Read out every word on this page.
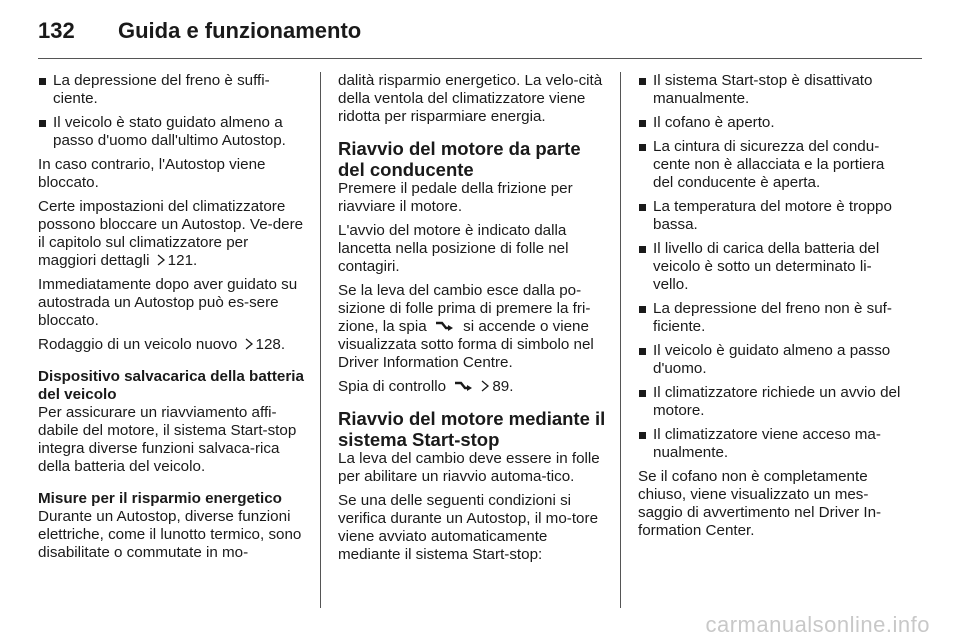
132	Guida e funzionamento
La depressione del freno è suffi-ciente.
Il veicolo è stato guidato almeno a passo d'uomo dall'ultimo Autostop.

In caso contrario, l'Autostop viene bloccato.

Certe impostazioni del climatizzatore possono bloccare un Autostop. Ve-dere il capitolo sul climatizzatore per maggiori dettagli 121.

Immediatamente dopo aver guidato su autostrada un Autostop può es-sere bloccato.

Rodaggio di un veicolo nuovo 128.

Dispositivo salvacarica della batteria del veicolo

Per assicurare un riavviamento affi-dabile del motore, il sistema Start-stop integra diverse funzioni salvaca-rica della batteria del veicolo.

Misure per il risparmio energetico

Durante un Autostop, diverse funzioni elettriche, come il lunotto termico, sono disabilitate o commutate in mo-

dalità risparmio energetico. La velo-cità della ventola del climatizzatore viene ridotta per risparmiare energia.

Riavvio del motore da parte del conducente

Premere il pedale della frizione per riavviare il motore.

L'avvio del motore è indicato dalla lancetta nella posizione di folle nel contagiri.

Se la leva del cambio esce dalla po-sizione di folle prima di premere la fri-zione, la spia si accende o viene visualizzata sotto forma di simbolo nel Driver Information Centre.

Spia di controllo	89.

Riavvio del motore mediante il sistema Start-stop

La leva del cambio deve essere in folle per abilitare un riavvio automa-tico.

Se una delle seguenti condizioni si verifica durante un Autostop, il mo-tore viene avviato automaticamente mediante il sistema Start-stop:

Il sistema Start-stop è disattivato manualmente.
Il cofano è aperto.
La cintura di sicurezza del condu-cente non è allacciata e la portiera del conducente è aperta.
La temperatura del motore è troppo bassa.
Il livello di carica della batteria del veicolo è sotto un determinato li-vello.
La depressione del freno non è suf-ficiente.
Il veicolo è guidato almeno a passo d'uomo.
Il climatizzatore richiede un avvio del motore.
Il climatizzatore viene acceso ma-nualmente.

Se il cofano non è completamente chiuso, viene visualizzato un mes-saggio di avvertimento nel Driver In-formation Center.

carmanualsonline.info
